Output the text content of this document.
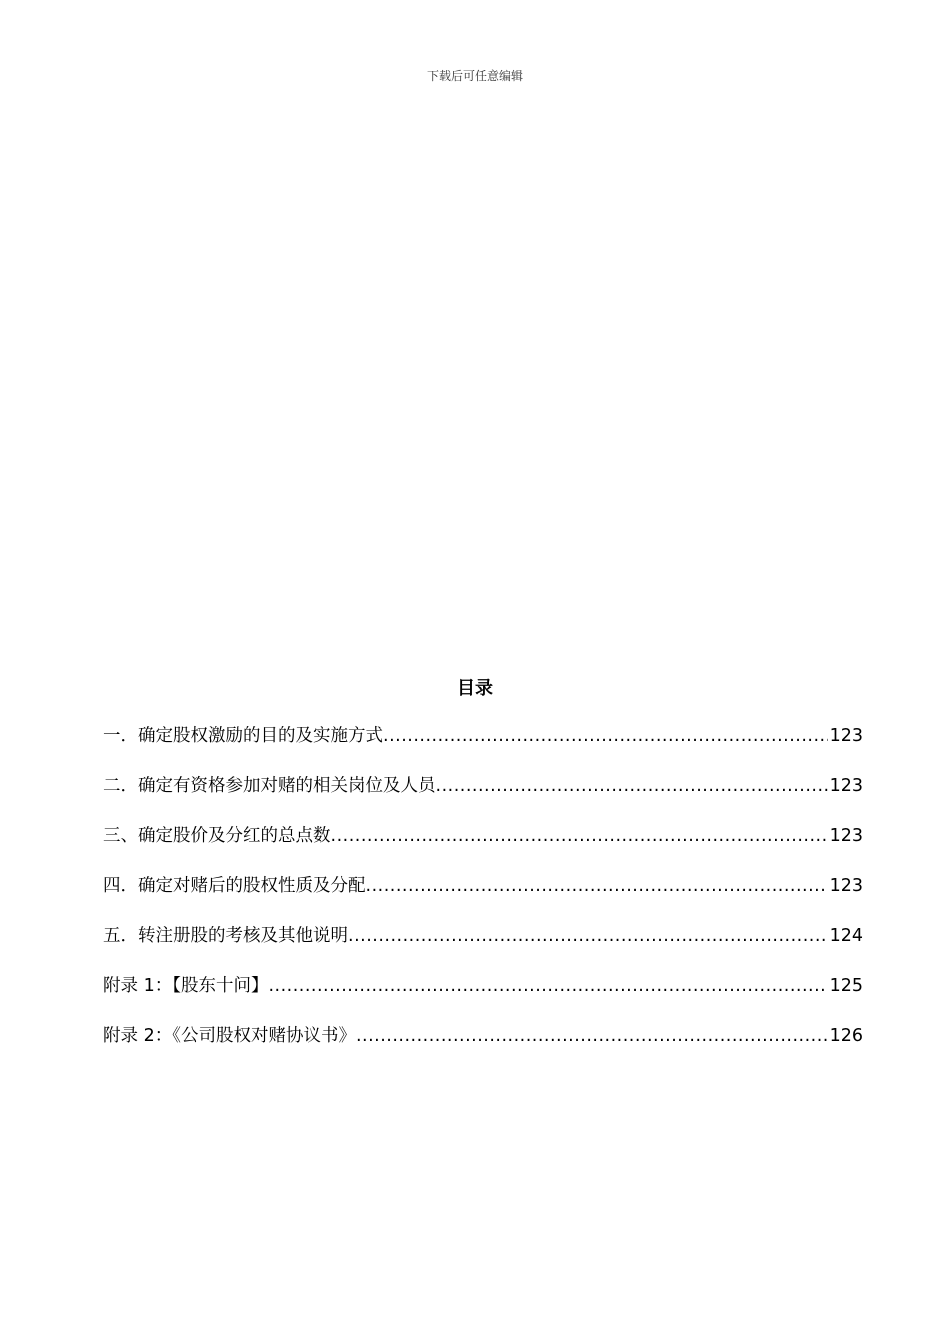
下载后可任意编辑
目录
一．确定股权激励的目的及实施方式 .....	123
二．确定有资格参加对赌的相关岗位及人员 .....	123
三、确定股价及分红的总点数 .....	123
四．确定对赌后的股权性质及分配 .....	123
五．转注册股的考核及其他说明 .....	124
附录 1：【股东十问】 .....	125
附录 2：《公司股权对赌协议书》 .....	126
